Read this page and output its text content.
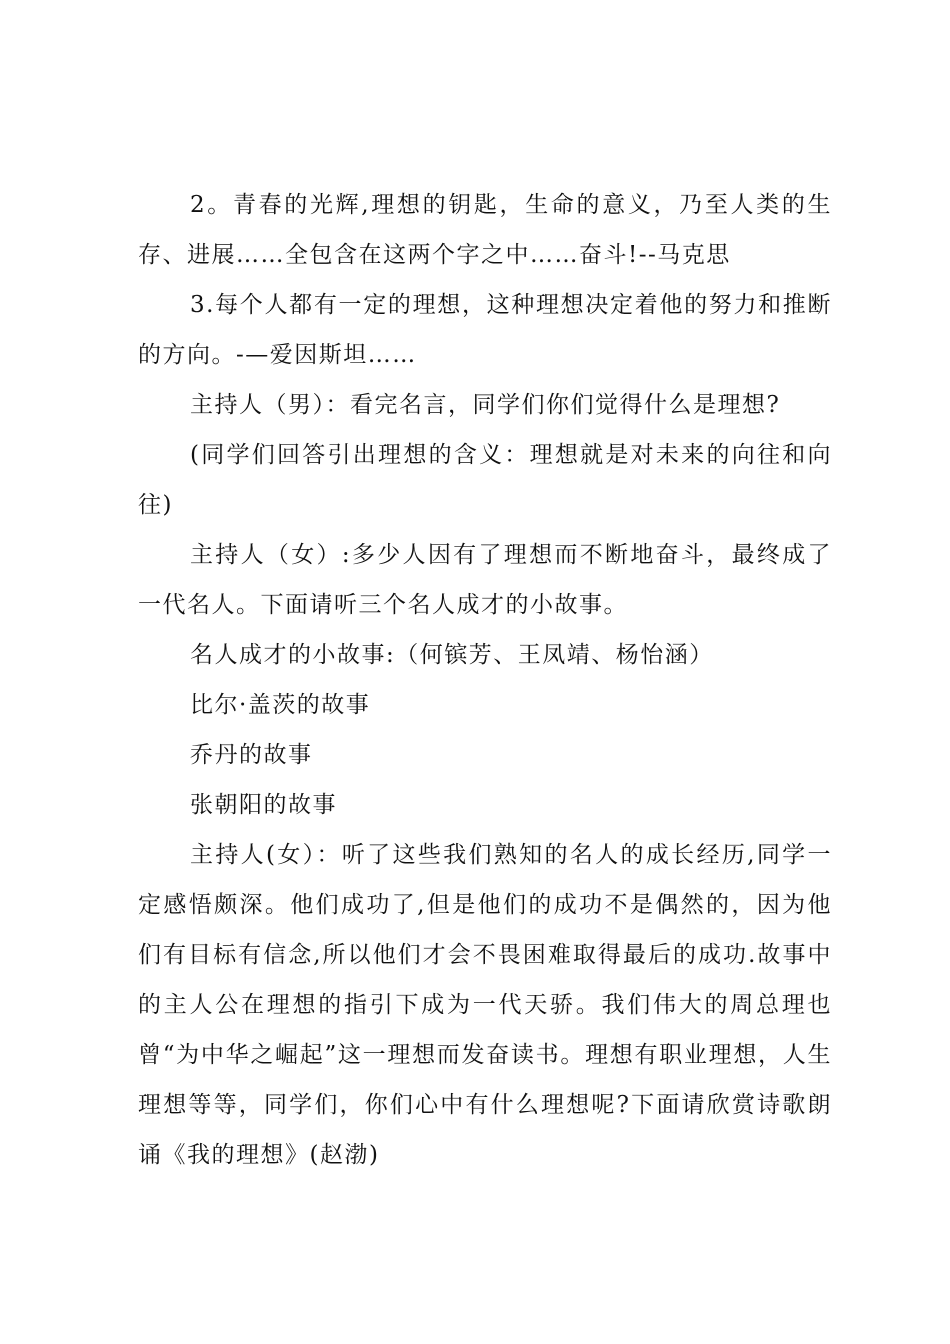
2。青春的光辉,理想的钥匙，生命的意义，乃至人类的生存、进展……全包含在这两个字之中……奋斗!--马克思

3.每个人都有一定的理想，这种理想决定着他的努力和推断的方向。-—爱因斯坦……

主持人（男）：看完名言，同学们你们觉得什么是理想?

(同学们回答引出理想的含义：理想就是对未来的向往和向往)

主持人（女）:多少人因有了理想而不断地奋斗，最终成了一代名人。下面请听三个名人成才的小故事。

名人成才的小故事:（何镔芳、王凤靖、杨怡涵）

比尔·盖茨的故事

乔丹的故事

张朝阳的故事

主持人(女）：听了这些我们熟知的名人的成长经历,同学一定感悟颇深。他们成功了,但是他们的成功不是偶然的，因为他们有目标有信念,所以他们才会不畏困难取得最后的成功.故事中的主人公在理想的指引下成为一代天骄。我们伟大的周总理也曾“为中华之崛起”这一理想而发奋读书。理想有职业理想，人生理想等等，同学们，你们心中有什么理想呢?下面请欣赏诗歌朗诵《我的理想》(赵渤)
